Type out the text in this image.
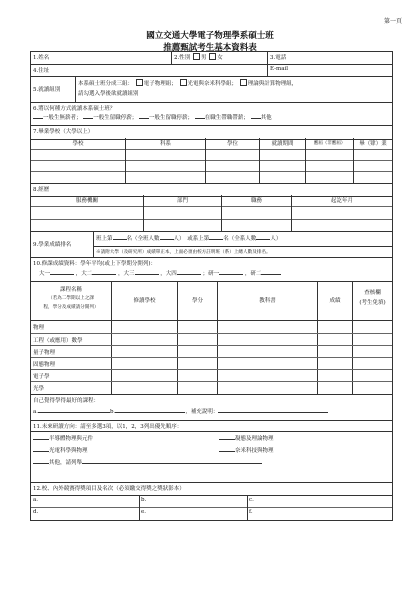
第一頁
國立交通大學電子物理學系碩士班
推薦甄試考生基本資料表
1.姓名	2.性別 男 女	3.電話
4.住址	E-mail
5.就讀組別
本系碩士班分成三組： 電子物理組； 光電與奈米科學組； 理論與計算物理組，
請勾選入學後欲就讀組別
6.將以何種方式就讀本系碩士班？
一般生無薪者； 一般生留職停薪； 一般生留職停薪； 在職生帶職帶薪； 其他
7.畢業學校（大學以上）
學校	科系	學位	就讀期間	應屆（非應屆）	畢（肄）業
8.經歷
服務機關	部門	職務	起訖年月
9.學業成績排名
班上第	名（全班人數	人）　或系上第	名（全系人數	人）
※請附大學（及研究所）成績單正本，上面必須由校方註明班（系）上總人數及排名。
10.修課成績資料：學年平均(或上下學期分開列)：
大一	，大二	，大三	，大四	；研一	，研二
課程名稱
（若為二學期以上之課
程，學分及成績請分開列）
修讀學校	學分	教科書	成績
查核欄
(考生免填)
物理
工程（或應用）數學
量子物理
固態物理
電子學
光學
自己覺得學得最好的課程：
a.	b.	，補充說明：
11.未來研讀方向：請至多選3項，以1，2，3列出優先順序：
半導體物理與元件	凝態及理論物理
光電科學與物理	奈米科技與物理
其他，請列舉
12.校、內外競賽得獎項目及名次（必須繳交得獎之獎狀影本）
a.	b.	c.
d.	e.	f.
